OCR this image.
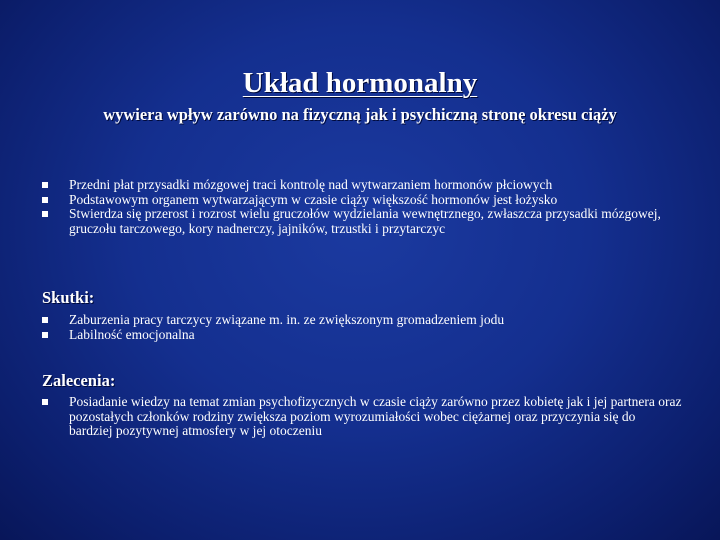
Układ hormonalny
wywiera wpływ zarówno na fizyczną jak i psychiczną stronę okresu ciąży
Przedni płat przysadki mózgowej traci kontrolę nad wytwarzaniem hormonów płciowych
Podstawowym organem wytwarzającym w czasie ciąży większość hormonów jest łożysko
Stwierdza się przerost i rozrost wielu gruczołów wydzielania wewnętrznego, zwłaszcza przysadki mózgowej, gruczołu tarczowego, kory nadnerczy, jajników, trzustki i przytarczyc
Skutki:
Zaburzenia pracy tarczycy związane m. in. ze zwiększonym gromadzeniem jodu
Labilność emocjonalna
Zalecenia:
Posiadanie wiedzy na temat zmian psychofizycznych w czasie ciąży zarówno przez kobietę jak i jej partnera oraz pozostałych członków rodziny zwiększa poziom wyrozumiałości wobec ciężarnej oraz przyczynia się do bardziej pozytywnej atmosfery w jej otoczeniu
